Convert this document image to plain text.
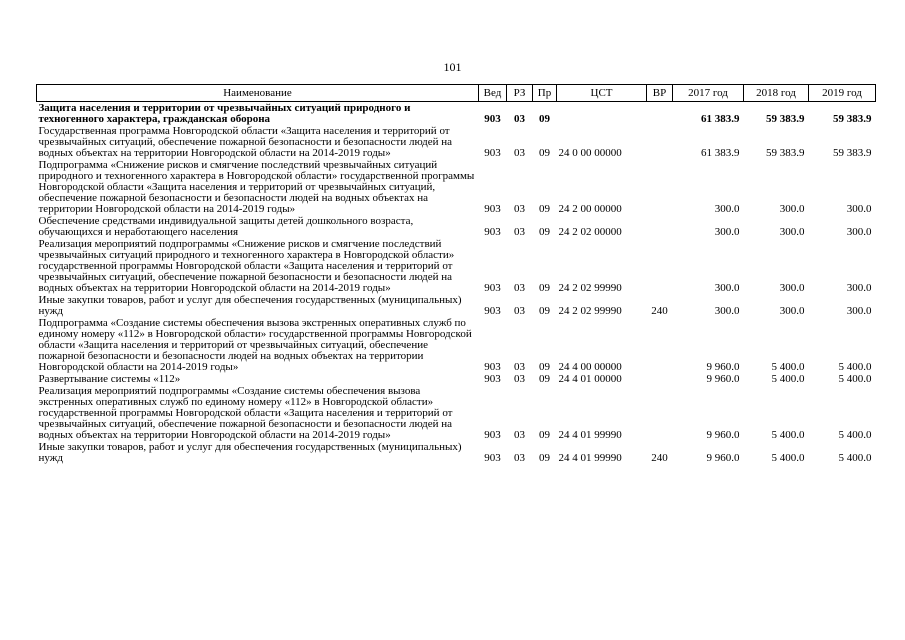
101
Наименование	Вед	РЗ	Пр	ЦСТ	ВР	2017 год	2018 год	2019 год
Защита населения и территории от чрезвычайных ситуаций природного и техногенного характера, гражданская оборона	903	03	09			61 383.9	59 383.9	59 383.9
Государственная программа Новгородской области «Защита населения и территорий от чрезвычайных ситуаций, обеспечение пожарной безопасности и безопасности людей на водных объектах на территории Новгородской области на 2014-2019 годы»	903	03	09	24 0 00 00000		61 383.9	59 383.9	59 383.9
Подпрограмма «Снижение рисков и смягчение последствий чрезвычайных ситуаций природного и техногенного характера в Новгородской области» государственной программы Новгородской области «Защита населения и территорий от чрезвычайных ситуаций, обеспечение пожарной безопасности и безопасности людей на водных объектах на территории Новгородской области на 2014-2019 годы»	903	03	09	24 2 00 00000		300.0	300.0	300.0
Обеспечение средствами индивидуальной защиты детей дошкольного возраста, обучающихся и неработающего населения	903	03	09	24 2 02 00000		300.0	300.0	300.0
Реализация мероприятий подпрограммы «Снижение рисков и смягчение последствий чрезвычайных ситуаций природного и техногенного характера в Новгородской области» государственной программы Новгородской области «Защита населения и территорий от чрезвычайных ситуаций, обеспечение пожарной безопасности и безопасности людей на водных объектах на территории Новгородской области на 2014-2019 годы»	903	03	09	24 2 02 99990		300.0	300.0	300.0
Иные закупки товаров, работ и услуг для обеспечения государственных (муниципальных) нужд	903	03	09	24 2 02 99990	240	300.0	300.0	300.0
Подпрограмма «Создание системы обеспечения вызова экстренных оперативных служб по единому номеру «112» в Новгородской области» государственной программы Новгородской области «Защита населения и территорий от чрезвычайных ситуаций, обеспечение пожарной безопасности и безопасности людей на водных объектах на территории Новгородской области на 2014-2019 годы»	903	03	09	24 4 00 00000		9 960.0	5 400.0	5 400.0
Развертывание системы «112»	903	03	09	24 4 01 00000		9 960.0	5 400.0	5 400.0
Реализация мероприятий подпрограммы «Создание системы обеспечения вызова экстренных оперативных служб по единому номеру «112» в Новгородской области» государственной программы Новгородской области «Защита населения и территорий от чрезвычайных ситуаций, обеспечение пожарной безопасности и безопасности людей на водных объектах на территории Новгородской области на 2014-2019 годы»	903	03	09	24 4 01 99990		9 960.0	5 400.0	5 400.0
Иные закупки товаров, работ и услуг для обеспечения государственных (муниципальных) нужд	903	03	09	24 4 01 99990	240	9 960.0	5 400.0	5 400.0
